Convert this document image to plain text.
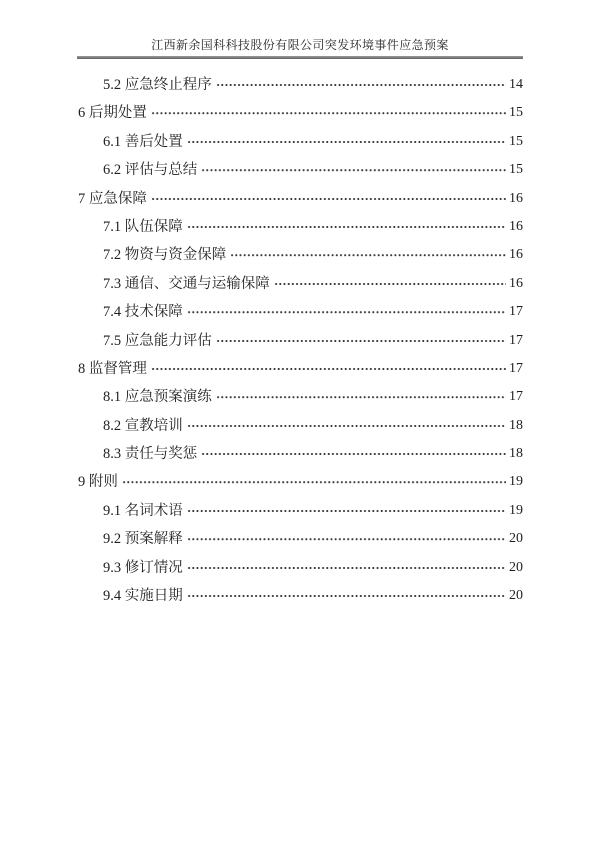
江西新余国科科技股份有限公司突发环境事件应急预案
5.2 应急终止程序	14
6 后期处置	15
6.1 善后处置	15
6.2 评估与总结	15
7 应急保障	16
7.1 队伍保障	16
7.2 物资与资金保障	16
7.3 通信、交通与运输保障	16
7.4 技术保障	17
7.5 应急能力评估	17
8 监督管理	17
8.1 应急预案演练	17
8.2 宣教培训	18
8.3 责任与奖惩	18
9 附则	19
9.1 名词术语	19
9.2 预案解释	20
9.3 修订情况	20
9.4 实施日期	20
